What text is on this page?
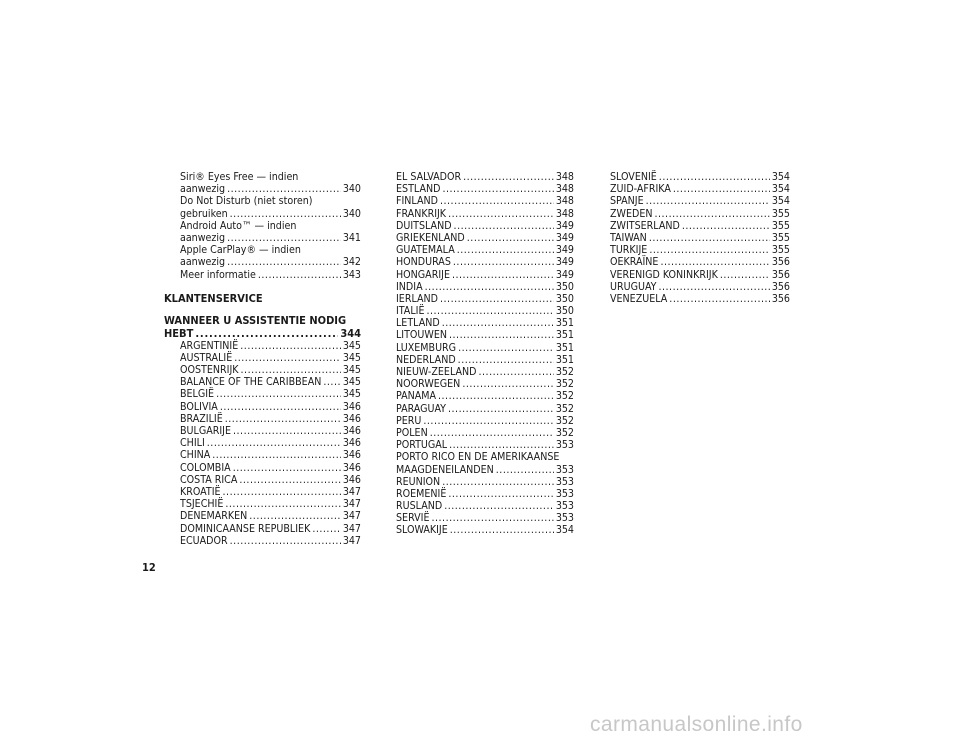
Siri® Eyes Free — indien
aanwezig .....	340
Do Not Disturb (niet storen)
gebruiken .....	340
Android Auto™ — indien
aanwezig .....	341
Apple CarPlay® — indien
aanwezig .....	342
Meer informatie .....	343
KLANTENSERVICE
WANNEER U ASSISTENTIE NODIG
HEBT .....	344
ARGENTINIË .....	345
AUSTRALIË .....	345
OOSTENRIJK .....	345
BALANCE OF THE CARIBBEAN ..... 345
BELGIË .....	345
BOLIVIA .....	346
BRAZILIË .....	346
BULGARIJE .....	346
CHILI .....	346
CHINA .....	346
COLOMBIA .....	346
COSTA RICA .....	346
KROATIË .....	347
TSJECHIË .....	347
DENEMARKEN .....	347
DOMINICAANSE REPUBLIEK .....	347
ECUADOR .....	347
EL SALVADOR .....	348
ESTLAND .....	348
FINLAND .....	348
FRANKRIJK .....	348
DUITSLAND .....	349
GRIEKENLAND .....	349
GUATEMALA .....	349
HONDURAS .....	349
HONGARIJE .....	349
INDIA .....	350
IERLAND .....	350
ITALIË .....	350
LETLAND .....	351
LITOUWEN .....	351
LUXEMBURG .....	351
NEDERLAND .....	351
NIEUW-ZEELAND .....	352
NOORWEGEN .....	352
PANAMA .....	352
PARAGUAY .....	352
PERU .....	352
POLEN .....	352
PORTUGAL .....	353
PORTO RICO EN DE AMERIKAANSE
MAAGDENEILANDEN .....	353
REUNION .....	353
ROEMENIË .....	353
RUSLAND .....	353
SERVIË .....	353
SLOWAKIJE .....	354
SLOVENIË .....	354
ZUID-AFRIKA .....	354
SPANJE .....	354
ZWEDEN .....	355
ZWITSERLAND .....	355
TAIWAN .....	355
TURKIJE .....	355
OEKRAÏNE .....	356
VERENIGD KONINKRIJK .....	356
URUGUAY .....	356
VENEZUELA .....	356
12
carmanualsonline.info
